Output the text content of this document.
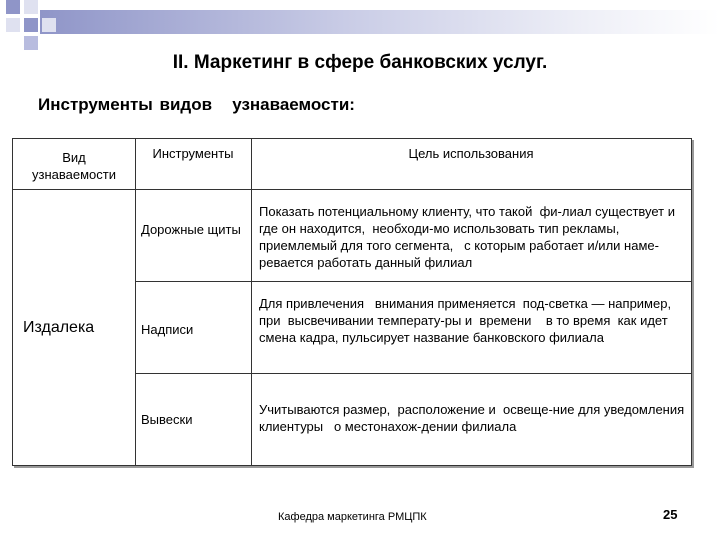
II. Маркетинг в сфере банковских услуг.
Инструменты видов   узнаваемости:
Вид узнаваемости
Инструменты	Цель использования
Издалека
Дорожные щиты
Показать потенциальному клиенту, что такой  фи-лиал существует и где он находится,  необходи-мо использовать тип рекламы,  приемлемый для того сегмента,   с которым работает и/или наме-ревается работать данный филиал
Надписи
Для привлечения   внимания применяется  под-светка — например, при  высвечивании температу-ры и  времени    в то время  как идет смена кадра, пульсирует название банковского филиала
Вывески
Учитываются размер,  расположение и  освеще-ние для уведомления  клиентуры   о местонахож-дении филиала
Кафедра маркетинга РМЦПК	25
